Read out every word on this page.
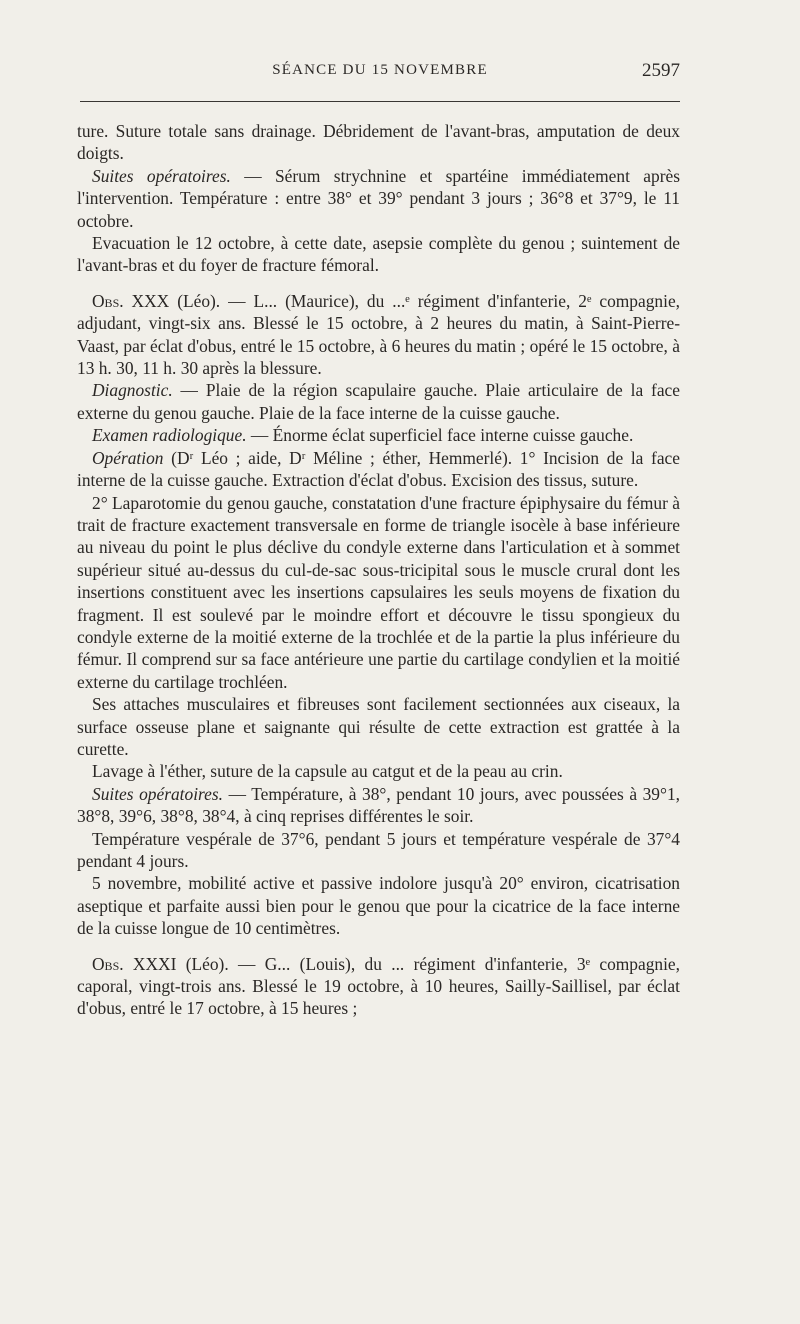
SÉANCE DU 15 NOVEMBRE	2597

ture. Suture totale sans drainage. Débridement de l'avant-bras, amputation de deux doigts.

Suites opératoires. — Sérum strychnine et spartéine immédiatement après l'intervention. Température : entre 38° et 39° pendant 3 jours ; 36°8 et 37°9, le 11 octobre.

Evacuation le 12 octobre, à cette date, asepsie complète du genou ; suintement de l'avant-bras et du foyer de fracture fémoral.

Obs. XXX (Léo). — L... (Maurice), du ...ᵉ régiment d'infanterie, 2ᵉ compagnie, adjudant, vingt-six ans. Blessé le 15 octobre, à 2 heures du matin, à Saint-Pierre-Vaast, par éclat d'obus, entré le 15 octobre, à 6 heures du matin ; opéré le 15 octobre, à 13 h. 30, 11 h. 30 après la blessure.

Diagnostic. — Plaie de la région scapulaire gauche. Plaie articulaire de la face externe du genou gauche. Plaie de la face interne de la cuisse gauche.

Examen radiologique. — Énorme éclat superficiel face interne cuisse gauche.

Opération (Dʳ Léo ; aide, Dʳ Méline ; éther, Hemmerlé). 1° Incision de la face interne de la cuisse gauche. Extraction d'éclat d'obus. Excision des tissus, suture.

2° Laparotomie du genou gauche, constatation d'une fracture épiphysaire du fémur à trait de fracture exactement transversale en forme de triangle isocèle à base inférieure au niveau du point le plus déclive du condyle externe dans l'articulation et à sommet supérieur situé au-dessus du cul-de-sac sous-tricipital sous le muscle crural dont les insertions constituent avec les insertions capsulaires les seuls moyens de fixation du fragment. Il est soulevé par le moindre effort et découvre le tissu spongieux du condyle externe de la moitié externe de la trochlée et de la partie la plus inférieure du fémur. Il comprend sur sa face antérieure une partie du cartilage condylien et la moitié externe du cartilage trochléen.

Ses attaches musculaires et fibreuses sont facilement sectionnées aux ciseaux, la surface osseuse plane et saignante qui résulte de cette extraction est grattée à la curette.

Lavage à l'éther, suture de la capsule au catgut et de la peau au crin.

Suites opératoires. — Température, à 38°, pendant 10 jours, avec poussées à 39°1, 38°8, 39°6, 38°8, 38°4, à cinq reprises différentes le soir.

Température vespérale de 37°6, pendant 5 jours et température vespérale de 37°4 pendant 4 jours.

5 novembre, mobilité active et passive indolore jusqu'à 20° environ, cicatrisation aseptique et parfaite aussi bien pour le genou que pour la cicatrice de la face interne de la cuisse longue de 10 centimètres.

Obs. XXXI (Léo). — G... (Louis), du ... régiment d'infanterie, 3ᵉ compagnie, caporal, vingt-trois ans. Blessé le 19 octobre, à 10 heures, Sailly-Saillisel, par éclat d'obus, entré le 17 octobre, à 15 heures ;
